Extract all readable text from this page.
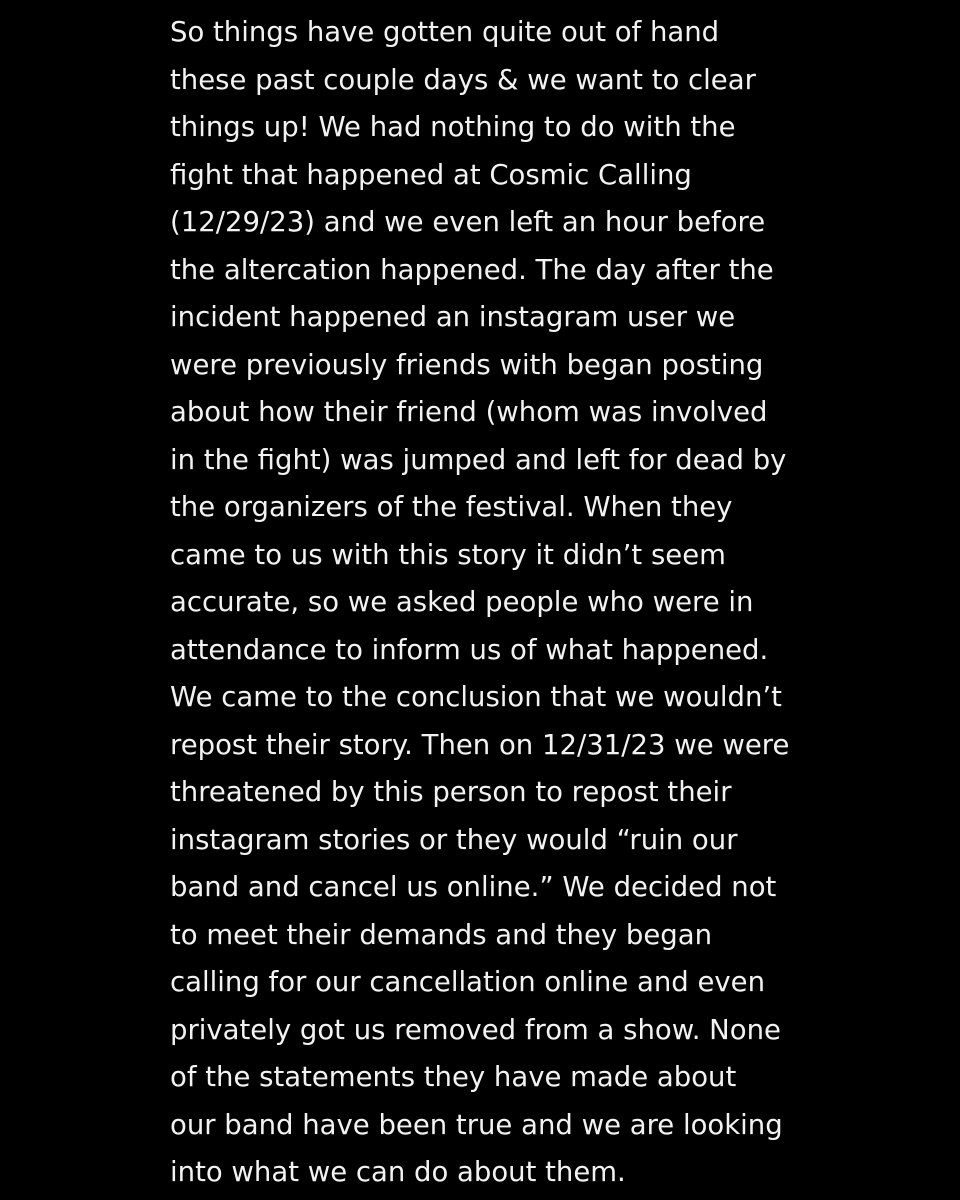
So things have gotten quite out of hand
these past couple days & we want to clear
things up! We had nothing to do with the
fight that happened at Cosmic Calling
(12/29/23) and we even left an hour before
the altercation happened. The day after the
incident happened an instagram user we
were previously friends with began posting
about how their friend (whom was involved
in the fight) was jumped and left for dead by
the organizers of the festival. When they
came to us with this story it didn’t seem
accurate, so we asked people who were in
attendance to inform us of what happened.
We came to the conclusion that we wouldn’t
repost their story. Then on 12/31/23 we were
threatened by this person to repost their
instagram stories or they would “ruin our
band and cancel us online.” We decided not
to meet their demands and they began
calling for our cancellation online and even
privately got us removed from a show. None
of the statements they have made about
our band have been true and we are looking
into what we can do about them.
